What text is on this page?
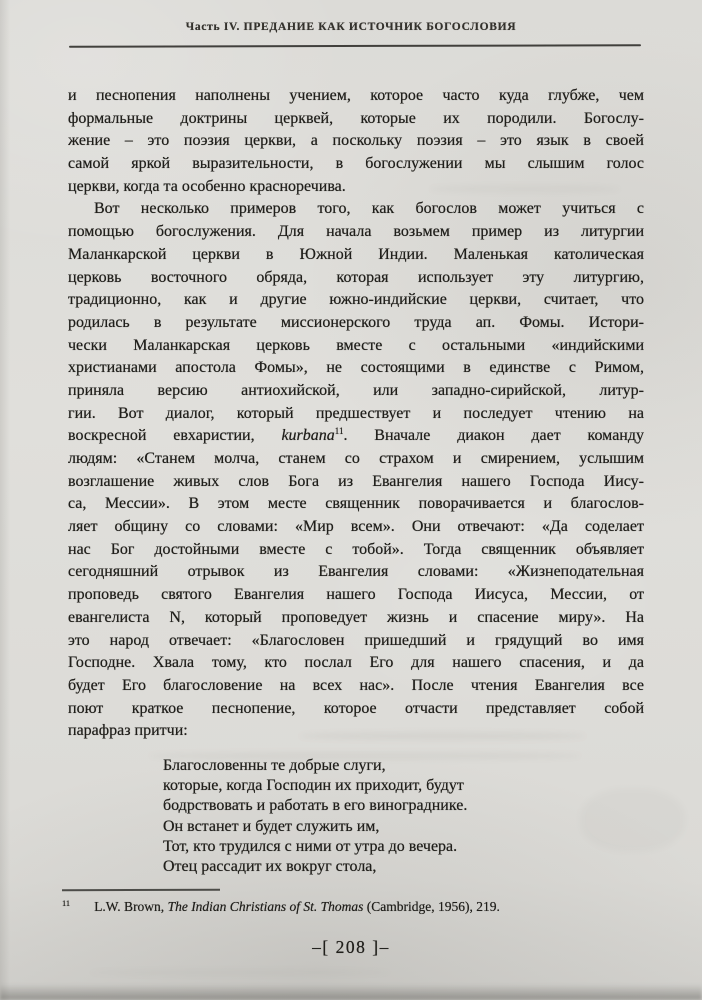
Часть IV. ПРЕДАНИЕ КАК ИСТОЧНИК БОГОСЛОВИЯ
и песнопения наполнены учением, которое часто куда глубже, чем
формальные доктрины церквей, которые их породили. Богослу-
жение – это поэзия церкви, а поскольку поэзия – это язык в своей
самой яркой выразительности, в богослужении мы слышим голос
церкви, когда та особенно красноречива.
Вот несколько примеров того, как богослов может учиться с
помощью богослужения. Для начала возьмем пример из литургии
Маланкарской церкви в Южной Индии. Маленькая католическая
церковь восточного обряда, которая использует эту литургию,
традиционно, как и другие южно-индийские церкви, считает, что
родилась в результате миссионерского труда ап. Фомы. Истори-
чески Маланкарская церковь вместе с остальными «индийскими
христианами апостола Фомы», не состоящими в единстве с Римом,
приняла версию антиохийской, или западно-сирийской, литур-
гии. Вот диалог, который предшествует и последует чтению на
воскресной евхаристии, kurbana$^{11}$. Вначале диакон дает команду
людям: «Станем молча, станем со страхом и смирением, услышим
возглашение живых слов Бога из Евангелия нашего Господа Иису-
са, Мессии». В этом месте священник поворачивается и благослов-
ляет общину со словами: «Мир всем». Они отвечают: «Да соделает
нас Бог достойными вместе с тобой». Тогда священник объявляет
сегодняшний отрывок из Евангелия словами: «Жизнеподательная
проповедь святого Евангелия нашего Господа Иисуса, Мессии, от
евангелиста N, который проповедует жизнь и спасение миру». На
это народ отвечает: «Благословен пришедший и грядущий во имя
Господне. Хвала тому, кто послал Его для нашего спасения, и да
будет Его благословение на всех нас». После чтения Евангелия все
поют краткое песнопение, которое отчасти представляет собой
парафраз притчи:
Благословенны те добрые слуги,
которые, когда Господин их приходит, будут
бодрствовать и работать в его винограднике.
Он встанет и будет служить им,
Тот, кто трудился с ними от утра до вечера.
Отец рассадит их вокруг стола,
$^{11}$ L.W. Brown, The Indian Christians of St. Thomas (Cambridge, 1956), 219.
–[ 208 ]–
